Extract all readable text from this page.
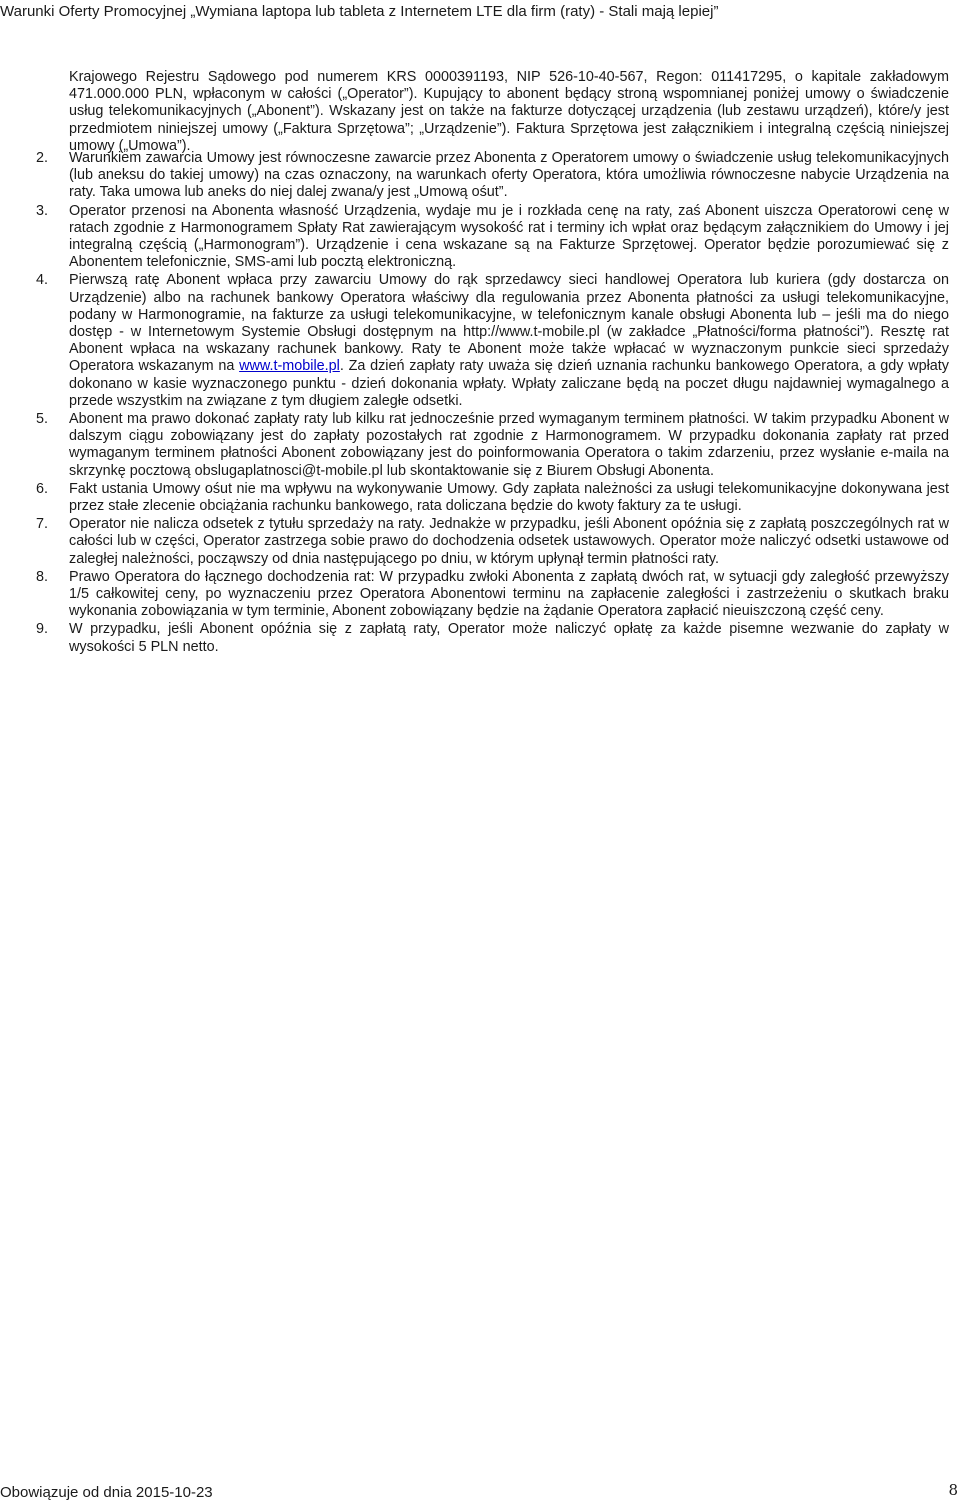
Warunki Oferty Promocyjnej „Wymiana laptopa lub tableta z Internetem LTE dla firm (raty) - Stali mają lepiej”

Krajowego Rejestru Sądowego pod numerem KRS 0000391193, NIP 526-10-40-567, Regon: 011417295, o kapitale zakładowym 471.000.000 PLN, wpłaconym w całości („Operator”). Kupujący to abonent będący stroną wspomnianej poniżej umowy o świadczenie usług telekomunikacyjnych („Abonent”). Wskazany jest on także na fakturze dotyczącej urządzenia (lub zestawu urządzeń), które/y jest przedmiotem niniejszej umowy („Faktura Sprzętowa”; „Urządzenie”). Faktura Sprzętowa jest załącznikiem i integralną częścią niniejszej umowy („Umowa”).

2.	Warunkiem zawarcia Umowy jest równoczesne zawarcie przez Abonenta z Operatorem umowy o świadczenie usług telekomunikacyjnych (lub aneksu do takiej umowy) na czas oznaczony, na warunkach oferty Operatora, która umożliwia równoczesne nabycie Urządzenia na raty. Taka umowa lub aneks do niej dalej zwana/y jest „Umową ośut”.
3.	Operator przenosi na Abonenta własność Urządzenia, wydaje mu je i rozkłada cenę na raty, zaś Abonent uiszcza Operatorowi cenę w ratach zgodnie z Harmonogramem Spłaty Rat zawierającym wysokość rat i terminy ich wpłat oraz będącym załącznikiem do Umowy i jej integralną częścią („Harmonogram”). Urządzenie i cena wskazane są na Fakturze Sprzętowej. Operator będzie porozumiewać się z Abonentem telefonicznie, SMS-ami lub pocztą elektroniczną.
4.	Pierwszą ratę Abonent wpłaca przy zawarciu Umowy do rąk sprzedawcy sieci handlowej Operatora lub kuriera (gdy dostarcza on Urządzenie) albo na rachunek bankowy Operatora właściwy dla regulowania przez Abonenta płatności za usługi telekomunikacyjne, podany w Harmonogramie, na fakturze za usługi telekomunikacyjne, w telefonicznym kanale obsługi Abonenta lub – jeśli ma do niego dostęp - w Internetowym Systemie Obsługi dostępnym na http://www.t-mobile.pl (w zakładce „Płatności/forma płatności”). Resztę rat Abonent wpłaca na wskazany rachunek bankowy. Raty te Abonent może także wpłacać w wyznaczonym punkcie sieci sprzedaży Operatora wskazanym na www.t-mobile.pl. Za dzień zapłaty raty uważa się dzień uznania rachunku bankowego Operatora, a gdy wpłaty dokonano w kasie wyznaczonego punktu - dzień dokonania wpłaty. Wpłaty zaliczane będą na poczet długu najdawniej wymagalnego a przede wszystkim na związane z tym długiem zaległe odsetki.
5.	Abonent ma prawo dokonać zapłaty raty lub kilku rat jednocześnie przed wymaganym terminem płatności. W takim przypadku Abonent w dalszym ciągu zobowiązany jest do zapłaty pozostałych rat zgodnie z Harmonogramem. W przypadku dokonania zapłaty rat przed wymaganym terminem płatności Abonent zobowiązany jest do poinformowania Operatora o takim zdarzeniu, przez wysłanie e-maila na skrzynkę pocztową obslugaplatnosci@t-mobile.pl lub skontaktowanie się z Biurem Obsługi Abonenta.
6.	Fakt ustania Umowy ośut nie ma wpływu na wykonywanie Umowy. Gdy zapłata należności za usługi telekomunikacyjne dokonywana jest przez stałe zlecenie obciążania rachunku bankowego, rata doliczana będzie do kwoty faktury za te usługi.
7.	Operator nie nalicza odsetek z tytułu sprzedaży na raty. Jednakże w przypadku, jeśli Abonent opóźnia się z zapłatą poszczególnych rat w całości lub w części, Operator zastrzega sobie prawo do dochodzenia odsetek ustawowych. Operator może naliczyć odsetki ustawowe od zaległej należności, począwszy od dnia następującego po dniu, w którym upłynął termin płatności raty.
8.	Prawo Operatora do łącznego dochodzenia rat: W przypadku zwłoki Abonenta z zapłatą dwóch rat, w sytuacji gdy zaległość przewyższy 1/5 całkowitej ceny, po wyznaczeniu przez Operatora Abonentowi terminu na zapłacenie zaległości i zastrzeżeniu o skutkach braku wykonania zobowiązania w tym terminie, Abonent zobowiązany będzie na żądanie Operatora zapłacić nieuiszczoną część ceny.
9.	W przypadku, jeśli Abonent opóźnia się z zapłatą raty, Operator może naliczyć opłatę za każde pisemne wezwanie do zapłaty w wysokości 5 PLN netto.
Obowiązuje od dnia 2015-10-23	8
